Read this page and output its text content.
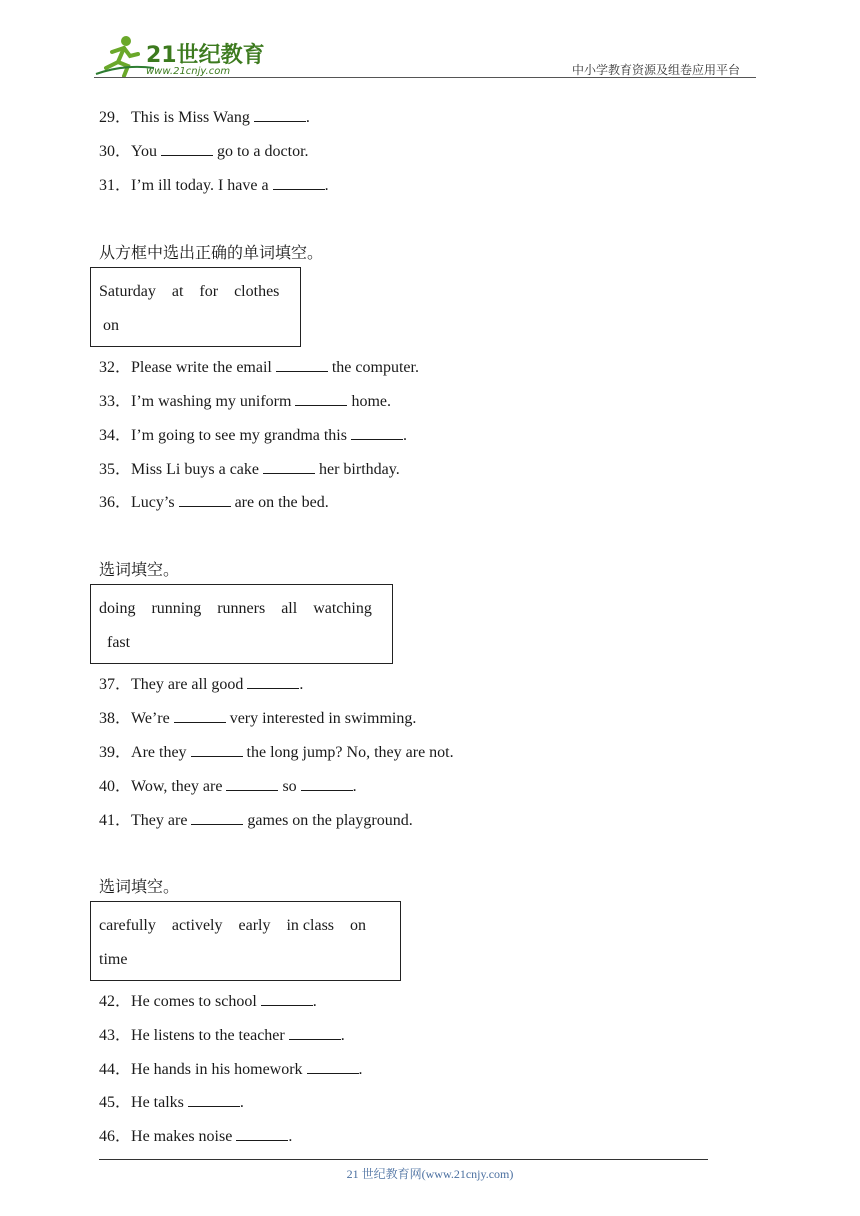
21世纪教育
www.21cnjy.com	中小学教育资源及组卷应用平台
29．This is Miss Wang	.
30．You	go to a doctor.
31．I’m ill today. I have a	.
从方框中选出正确的单词填空。
Saturday    at    for    clothes
on
32．Please write the email	the computer.
33．I’m washing my uniform	home.
34．I’m going to see my grandma this	.
35．Miss Li buys a cake	her birthday.
36．Lucy’s	are on the bed.
选词填空。
doing    running    runners    all    watching
fast
37．They are all good	.
38．We’re	very interested in swimming.
39．Are they	the long jump? No, they are not.
40．Wow, they are	so	.
41．They are	games on the playground.
选词填空。
carefully    actively    early    in class    on
time
42．He comes to school	.
43．He listens to the teacher	.
44．He hands in his homework	.
45．He talks	.
46．He makes noise	.
21 世纪教育网(www.21cnjy.com)
